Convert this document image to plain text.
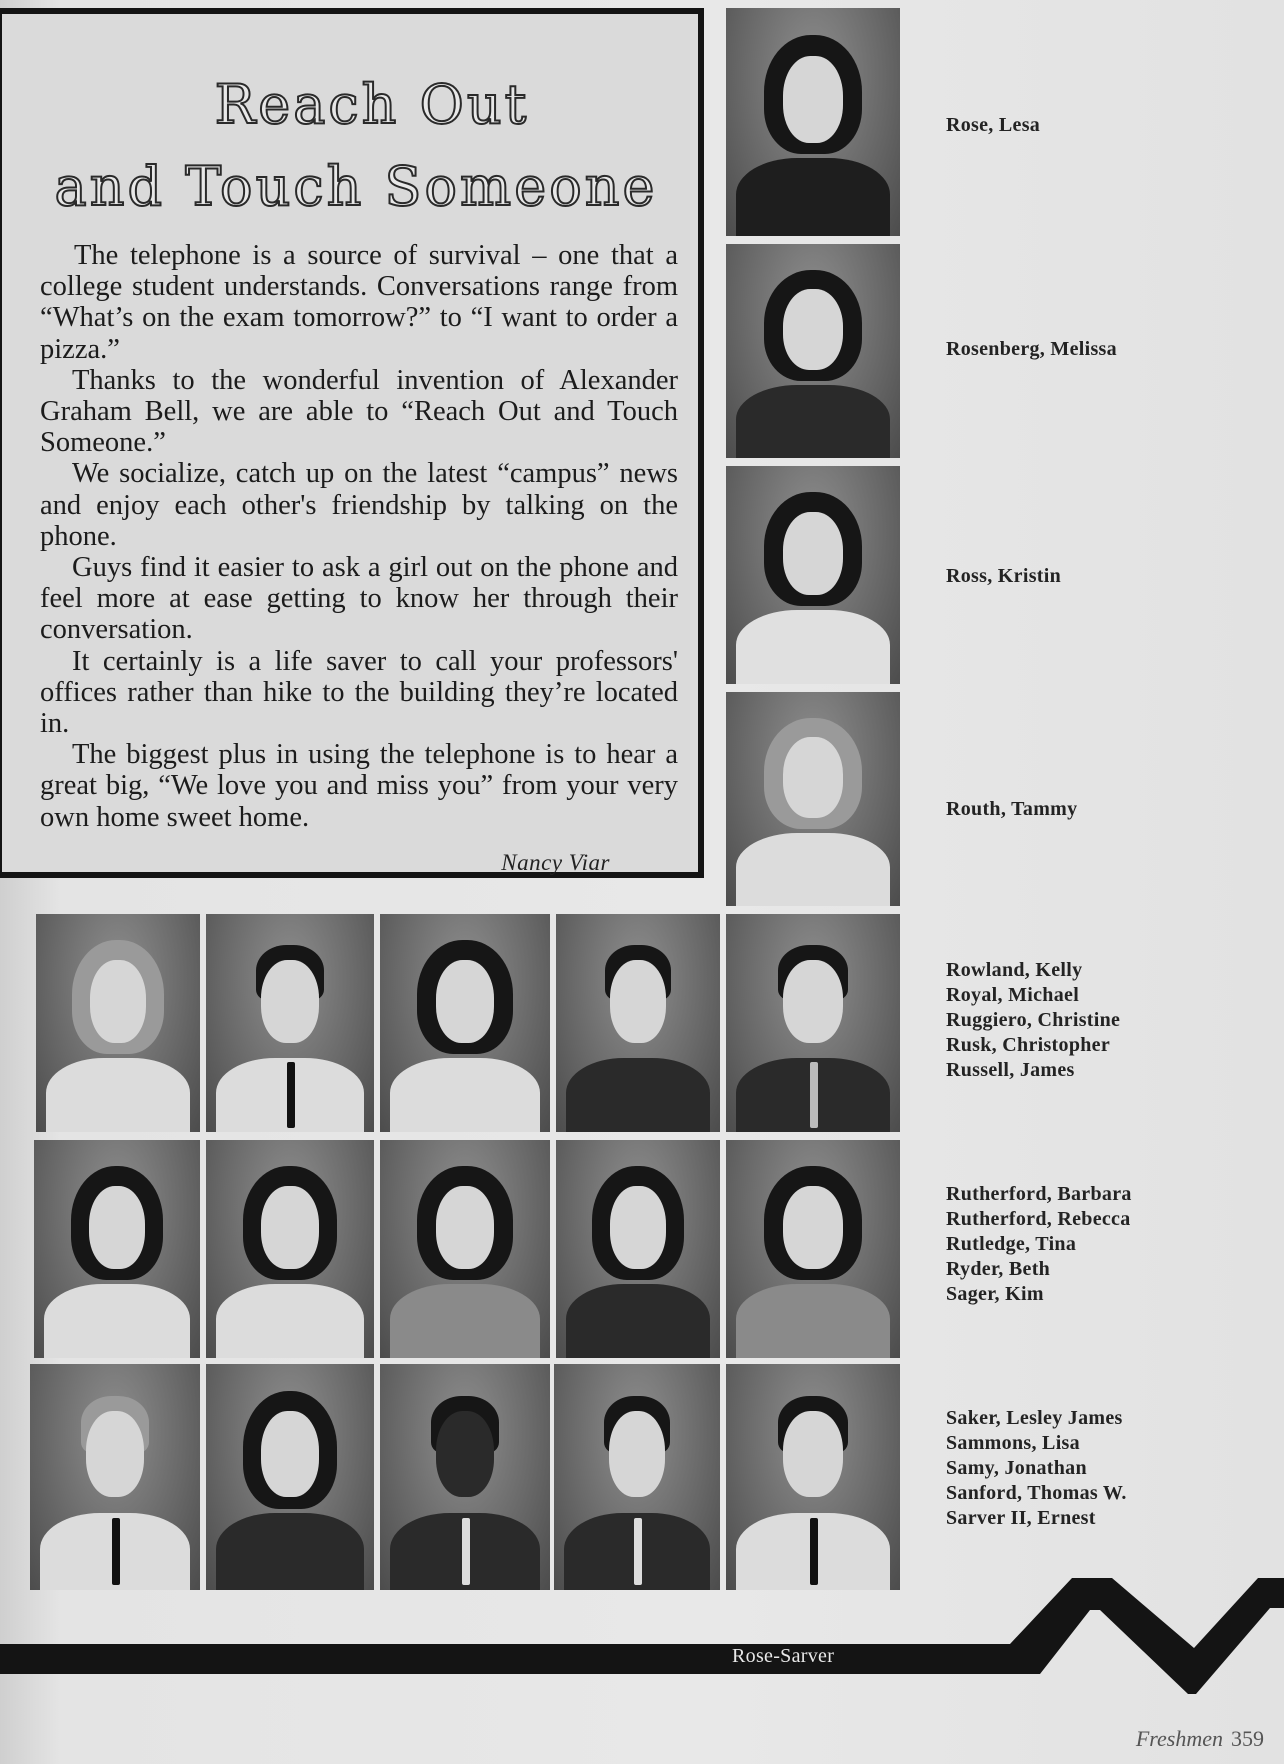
Reach Out
and Touch Someone

The telephone is a source of survival – one that a college student understands. Conversations range from “What’s on the exam tomorrow?” to “I want to order a pizza.”

Thanks to the wonderful invention of Alexander Graham Bell, we are able to “Reach Out and Touch Someone.”

We socialize, catch up on the latest “campus” news and enjoy each other's friendship by talking on the phone.

Guys find it easier to ask a girl out on the phone and feel more at ease getting to know her through their conversation.

It certainly is a life saver to call your professors' offices rather than hike to the building they’re located in.

The biggest plus in using the telephone is to hear a great big, “We love you and miss you” from your very own home sweet home.

Nancy Viar
Rose, Lesa
Rosenberg, Melissa
Ross, Kristin
Routh, Tammy
Rowland, Kelly
Royal, Michael
Ruggiero, Christine
Rusk, Christopher
Russell, James
Rutherford, Barbara
Rutherford, Rebecca
Rutledge, Tina
Ryder, Beth
Sager, Kim
Saker, Lesley James
Sammons, Lisa
Samy, Jonathan
Sanford, Thomas W.
Sarver II, Ernest
Rose-Sarver
Freshmen 359
